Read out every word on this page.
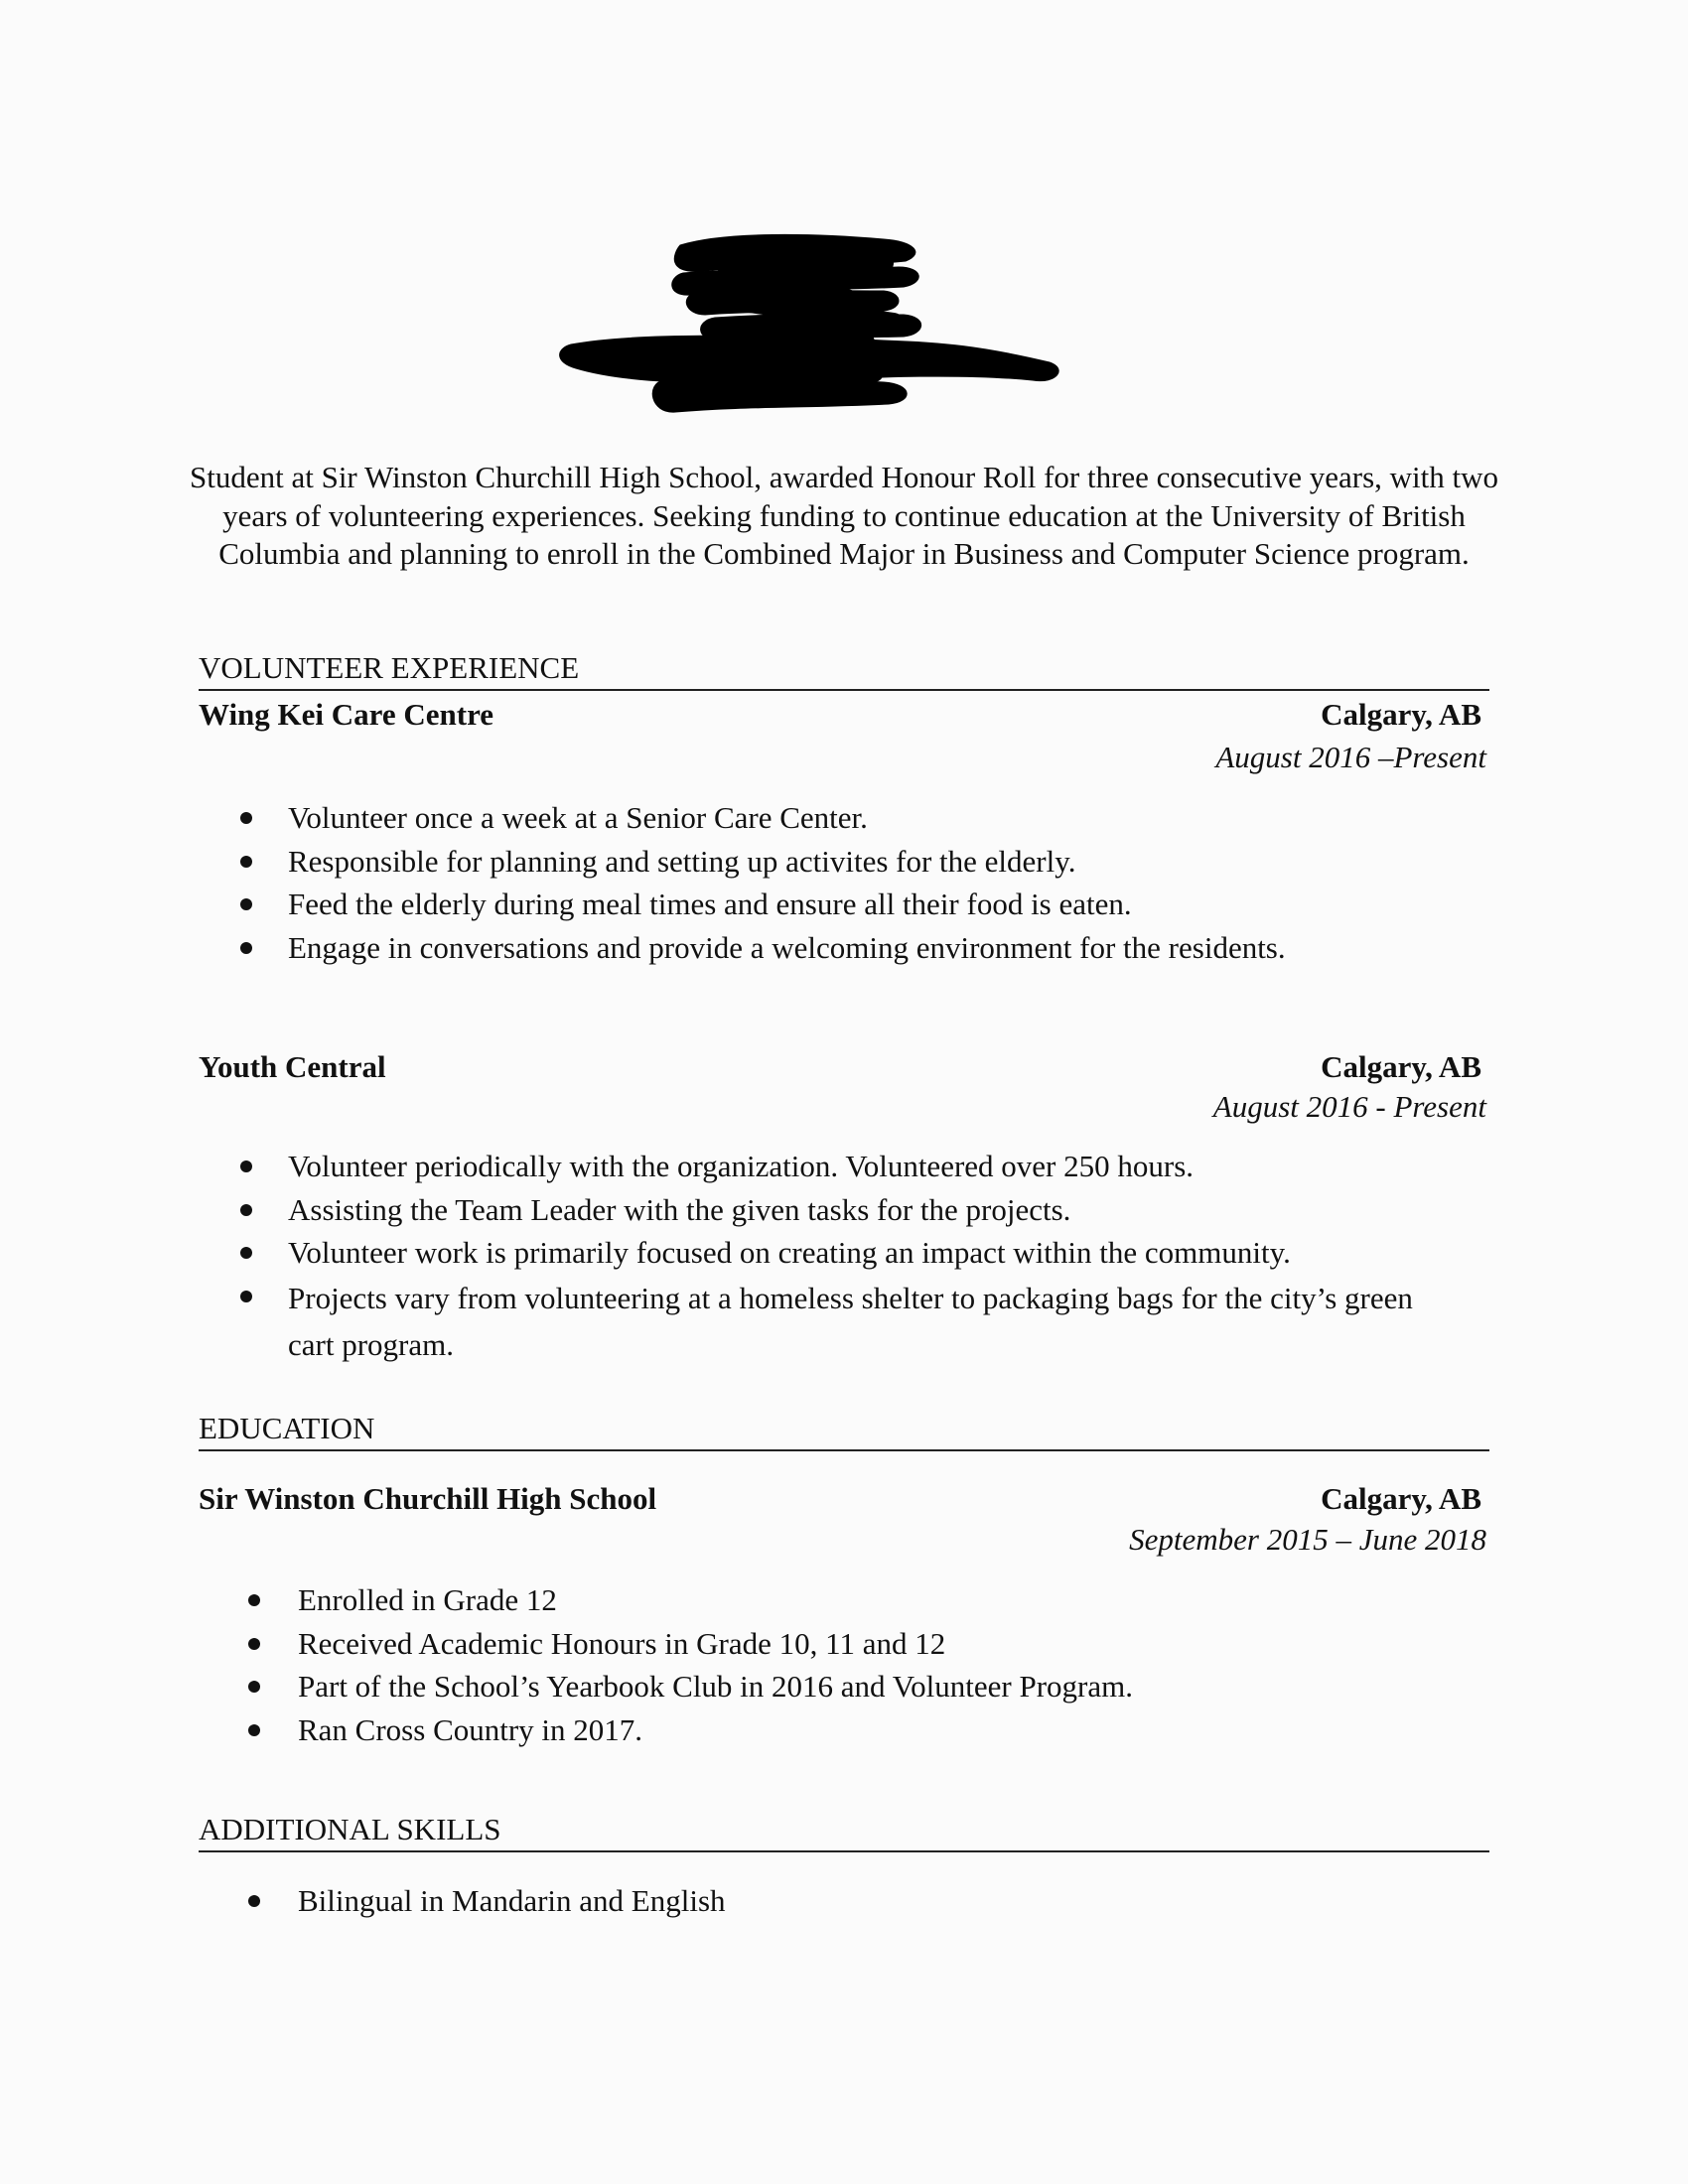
Student at Sir Winston Churchill High School, awarded Honour Roll for three consecutive years, with two years of volunteering experiences. Seeking funding to continue education at the University of British Columbia and planning to enroll in the Combined Major in Business and Computer Science program.
VOLUNTEER EXPERIENCE
Wing Kei Care Centre	Calgary, AB
August 2016 –Present
Volunteer once a week at a Senior Care Center.
Responsible for planning and setting up activites for the elderly.
Feed the elderly during meal times and ensure all their food is eaten.
Engage in conversations and provide a welcoming environment for the residents.
Youth Central	Calgary, AB
August 2016 - Present
Volunteer periodically with the organization. Volunteered over 250 hours.
Assisting the Team Leader with the given tasks for the projects.
Volunteer work is primarily focused on creating an impact within the community.
Projects vary from volunteering at a homeless shelter to packaging bags for the city’s green cart program.
EDUCATION
Sir Winston Churchill High School	Calgary, AB
September 2015 – June 2018
Enrolled in Grade 12
Received Academic Honours in Grade 10, 11 and 12
Part of the School’s Yearbook Club in 2016 and Volunteer Program.
Ran Cross Country in 2017.
ADDITIONAL SKILLS
Bilingual in Mandarin and English
